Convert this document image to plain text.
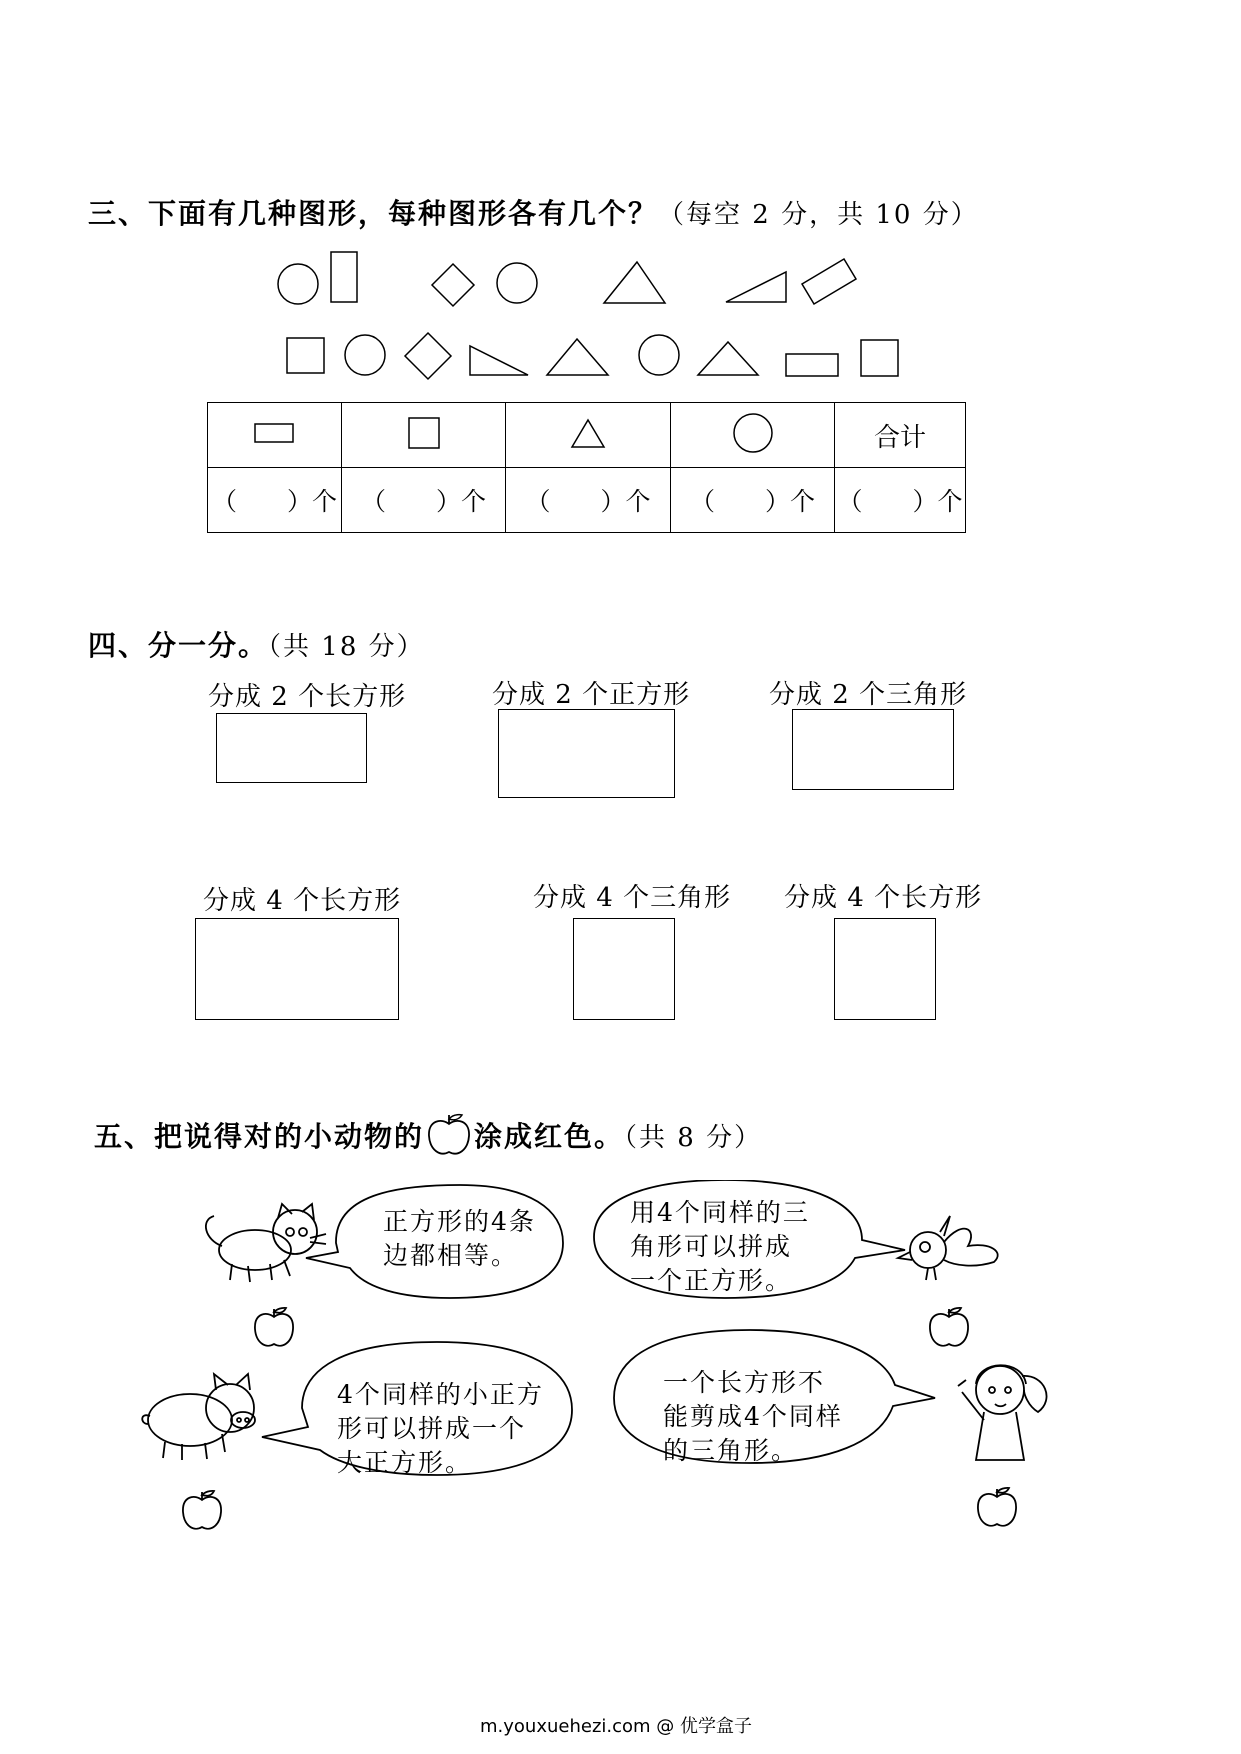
三、下面有几种图形，每种图形各有几个？（每空 2 分，共 10 分）
				合计
（　　）个	（　　）个	（　　）个	（　　）个	（　　）个
四、分一分。（共 18 分）
分成 2 个长方形	分成 2 个正方形	分成 2 个三角形
分成 4 个长方形	分成 4 个三角形 分成 4 个长方形
五、把说得对的小动物的 涂成红色。（共 8 分）
正方形的4条
边都相等。
用4个同样的三
角形可以拼成
一个正方形。
4个同样的小正方
形可以拼成一个
大正方形。
一个长方形不
能剪成4个同样
的三角形。
m.youxuehezi.com @ 优学盒子
